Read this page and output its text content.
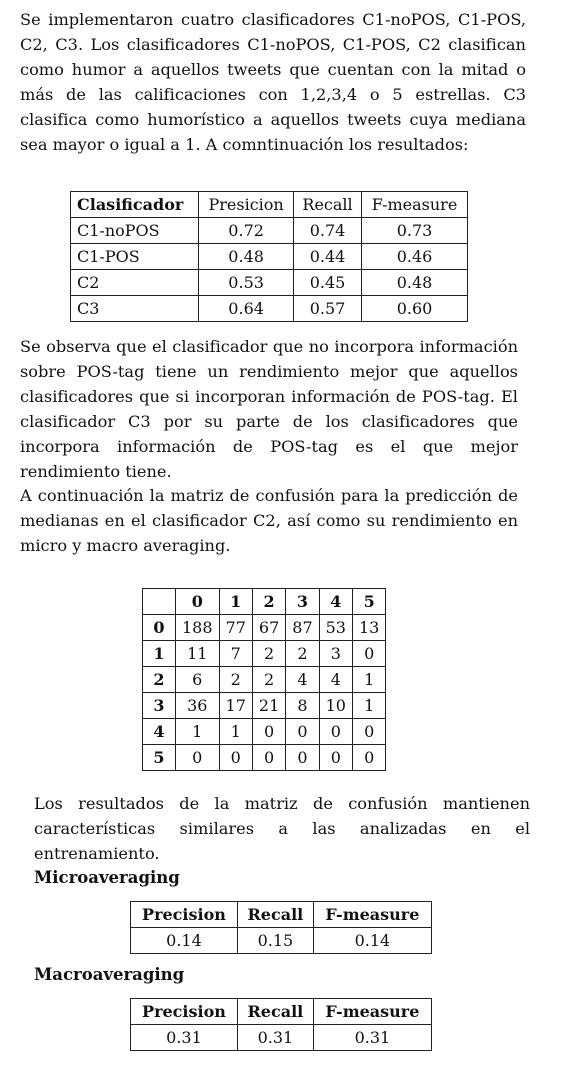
Se implementaron cuatro clasificadores C1-noPOS, C1-POS, C2, C3. Los clasificadores C1-noPOS, C1-POS, C2 clasifican como humor a aquellos tweets que cuentan con la mitad o más de las calificaciones con 1,2,3,4 o 5 estrellas. C3 clasifica como humorístico a aquellos tweets cuya mediana sea mayor o igual a 1. A comntinuación los resultados:

Clasificador	Presicion	Recall	F-measure
C1-noPOS	0.72	0.74	0.73
C1-POS	0.48	0.44	0.46
C2	0.53	0.45	0.48
C3	0.64	0.57	0.60

Se observa que el clasificador que no incorpora información sobre POS-tag tiene un rendimiento mejor que aquellos clasificadores que si incorporan información de POS-tag. El clasificador C3 por su parte de los clasificadores que incorpora información de POS-tag es el que mejor rendimiento tiene.

A continuación la matriz de confusión para la predicción de medianas en el clasificador C2, así como su rendimiento en micro y macro averaging.

	0	1	2	3	4	5
0	188	77	67	87	53	13
1	11	7	2	2	3	0
2	6	2	2	4	4	1
3	36	17	21	8	10	1
4	1	1	0	0	0	0
5	0	0	0	0	0	0

Los resultados de la matriz de confusión mantienen características similares a las analizadas en el entrenamiento.

Microaveraging
Precision	Recall	F-measure
0.14	0.15	0.14
Macroaveraging
Precision	Recall	F-measure
0.31	0.31	0.31
